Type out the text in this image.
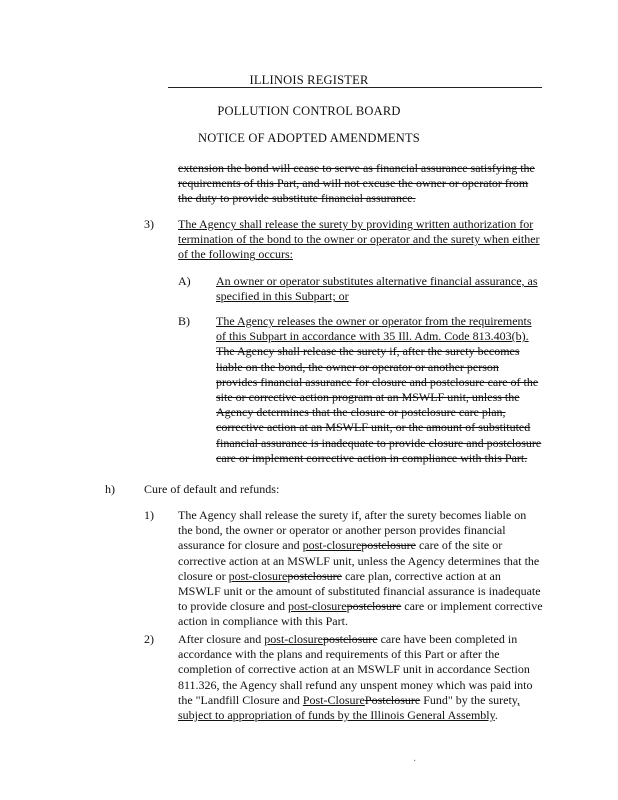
ILLINOIS REGISTER
POLLUTION CONTROL BOARD
NOTICE OF ADOPTED AMENDMENTS
extension the bond will cease to serve as financial assurance satisfying the requirements of this Part, and will not excuse the owner or operator from the duty to provide substitute financial assurance.
3) The Agency shall release the surety by providing written authorization for termination of the bond to the owner or operator and the surety when either of the following occurs:
A) An owner or operator substitutes alternative financial assurance, as specified in this Subpart; or
B) The Agency releases the owner or operator from the requirements of this Subpart in accordance with 35 Ill. Adm. Code 813.403(b). The Agency shall release the surety if, after the surety becomes liable on the bond, the owner or operator or another person provides financial assurance for closure and postclosure care of the site or corrective action program at an MSWLF unit, unless the Agency determines that the closure or postclosure care plan, corrective action at an MSWLF unit, or the amount of substituted financial assurance is inadequate to provide closure and postclosure care or implement corrective action in compliance with this Part.
h) Cure of default and refunds:
1) The Agency shall release the surety if, after the surety becomes liable on the bond, the owner or operator or another person provides financial assurance for closure and post-closurepostclosure care of the site or corrective action at an MSWLF unit, unless the Agency determines that the closure or post-closurepostclosure care plan, corrective action at an MSWLF unit or the amount of substituted financial assurance is inadequate to provide closure and post-closurepostclosure care or implement corrective action in compliance with this Part.
2) After closure and post-closurepostclosure care have been completed in accordance with the plans and requirements of this Part or after the completion of corrective action at an MSWLF unit in accordance Section 811.326, the Agency shall refund any unspent money which was paid into the "Landfill Closure and Post-ClosurePostclosure Fund" by the surety, subject to appropriation of funds by the Illinois General Assembly.
·
